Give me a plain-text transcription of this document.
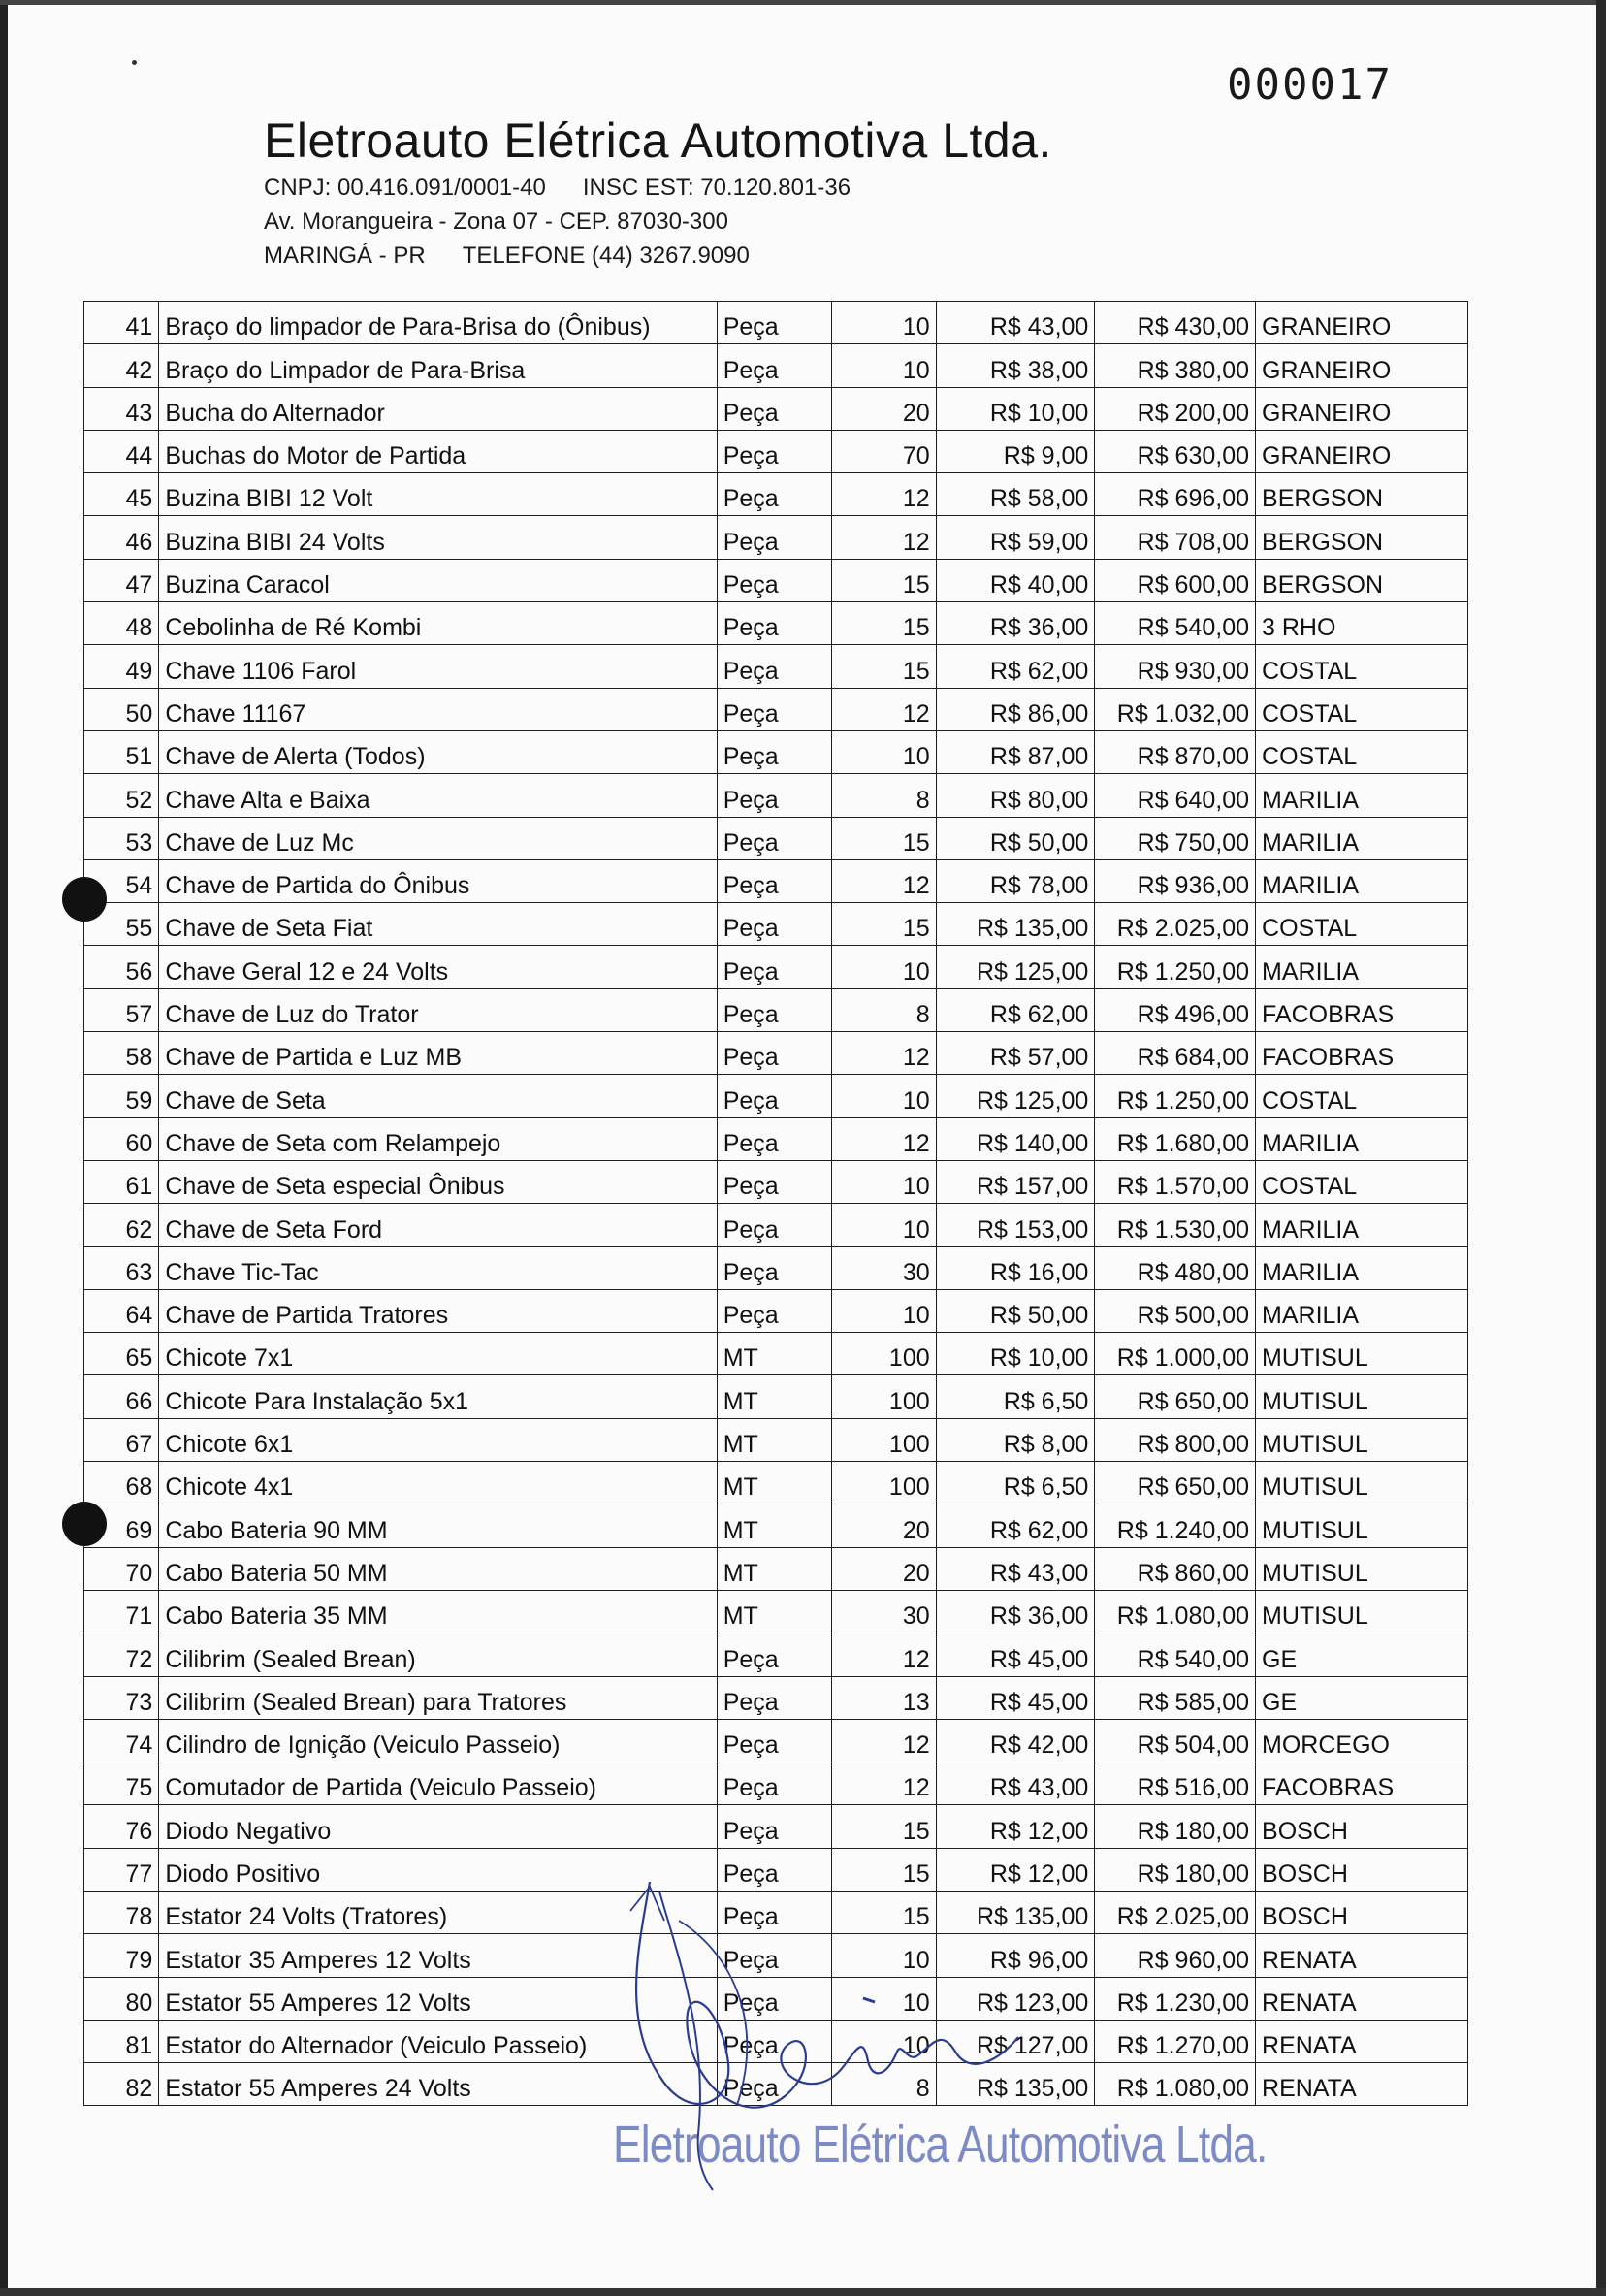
000017
Eletroauto Elétrica Automotiva Ltda.
CNPJ: 00.416.091/0001-40 INSC EST: 70.120.801-36
Av. Morangueira - Zona 07 - CEP. 87030-300
MARINGÁ - PR TELEFONE (44) 3267.9090
41	Braço do limpador de Para-Brisa do (Ônibus)	Peça	10	R$ 43,00	R$ 430,00	GRANEIRO
42	Braço do Limpador de Para-Brisa	Peça	10	R$ 38,00	R$ 380,00	GRANEIRO
43	Bucha do Alternador	Peça	20	R$ 10,00	R$ 200,00	GRANEIRO
44	Buchas do Motor de Partida	Peça	70	R$ 9,00	R$ 630,00	GRANEIRO
45	Buzina BIBI 12 Volt	Peça	12	R$ 58,00	R$ 696,00	BERGSON
46	Buzina BIBI 24 Volts	Peça	12	R$ 59,00	R$ 708,00	BERGSON
47	Buzina Caracol	Peça	15	R$ 40,00	R$ 600,00	BERGSON
48	Cebolinha de Ré Kombi	Peça	15	R$ 36,00	R$ 540,00	3 RHO
49	Chave 1106 Farol	Peça	15	R$ 62,00	R$ 930,00	COSTAL
50	Chave 11167	Peça	12	R$ 86,00	R$ 1.032,00	COSTAL
51	Chave de Alerta (Todos)	Peça	10	R$ 87,00	R$ 870,00	COSTAL
52	Chave Alta e Baixa	Peça	8	R$ 80,00	R$ 640,00	MARILIA
53	Chave de Luz Mc	Peça	15	R$ 50,00	R$ 750,00	MARILIA
54	Chave de Partida do Ônibus	Peça	12	R$ 78,00	R$ 936,00	MARILIA
55	Chave de Seta Fiat	Peça	15	R$ 135,00	R$ 2.025,00	COSTAL
56	Chave Geral 12 e 24 Volts	Peça	10	R$ 125,00	R$ 1.250,00	MARILIA
57	Chave de Luz do Trator	Peça	8	R$ 62,00	R$ 496,00	FACOBRAS
58	Chave de Partida e Luz MB	Peça	12	R$ 57,00	R$ 684,00	FACOBRAS
59	Chave de Seta	Peça	10	R$ 125,00	R$ 1.250,00	COSTAL
60	Chave de Seta com Relampejo	Peça	12	R$ 140,00	R$ 1.680,00	MARILIA
61	Chave de Seta especial Ônibus	Peça	10	R$ 157,00	R$ 1.570,00	COSTAL
62	Chave de Seta Ford	Peça	10	R$ 153,00	R$ 1.530,00	MARILIA
63	Chave Tic-Tac	Peça	30	R$ 16,00	R$ 480,00	MARILIA
64	Chave de Partida Tratores	Peça	10	R$ 50,00	R$ 500,00	MARILIA
65	Chicote 7x1	MT	100	R$ 10,00	R$ 1.000,00	MUTISUL
66	Chicote Para Instalação 5x1	MT	100	R$ 6,50	R$ 650,00	MUTISUL
67	Chicote 6x1	MT	100	R$ 8,00	R$ 800,00	MUTISUL
68	Chicote 4x1	MT	100	R$ 6,50	R$ 650,00	MUTISUL
69	Cabo Bateria 90 MM	MT	20	R$ 62,00	R$ 1.240,00	MUTISUL
70	Cabo Bateria 50 MM	MT	20	R$ 43,00	R$ 860,00	MUTISUL
71	Cabo Bateria 35 MM	MT	30	R$ 36,00	R$ 1.080,00	MUTISUL
72	Cilibrim (Sealed Brean)	Peça	12	R$ 45,00	R$ 540,00	GE
73	Cilibrim (Sealed Brean) para Tratores	Peça	13	R$ 45,00	R$ 585,00	GE
74	Cilindro de Ignição (Veiculo Passeio)	Peça	12	R$ 42,00	R$ 504,00	MORCEGO
75	Comutador de Partida (Veiculo Passeio)	Peça	12	R$ 43,00	R$ 516,00	FACOBRAS
76	Diodo Negativo	Peça	15	R$ 12,00	R$ 180,00	BOSCH
77	Diodo Positivo	Peça	15	R$ 12,00	R$ 180,00	BOSCH
78	Estator 24 Volts (Tratores)	Peça	15	R$ 135,00	R$ 2.025,00	BOSCH
79	Estator 35 Amperes 12 Volts	Peça	10	R$ 96,00	R$ 960,00	RENATA
80	Estator 55 Amperes 12 Volts	Peça	10	R$ 123,00	R$ 1.230,00	RENATA
81	Estator do Alternador (Veiculo Passeio)	Peça	10	R$ 127,00	R$ 1.270,00	RENATA
82	Estator 55 Amperes 24 Volts	Peça	8	R$ 135,00	R$ 1.080,00	RENATA
Eletroauto Elétrica Automotiva Ltda.
